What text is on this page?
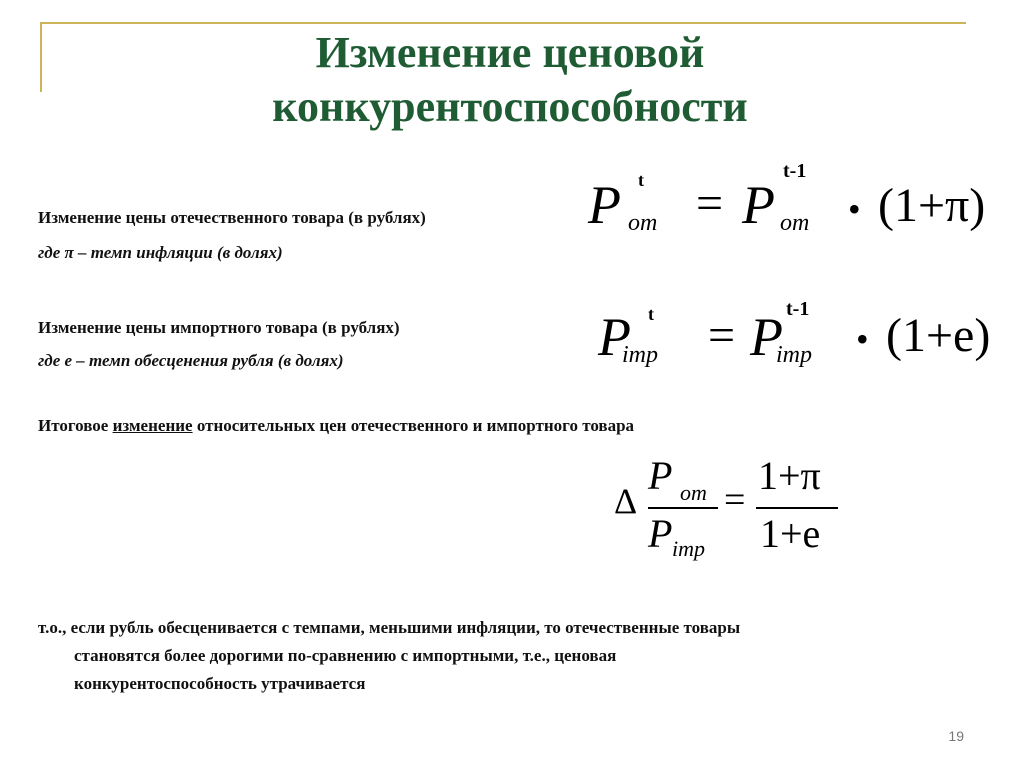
Изменение ценовой
конкурентоспособности
Изменение цены отечественного товара (в рублях)
где π – темп инфляции (в долях)
P t
om = P
t-1
om • (1+π)
Изменение цены импортного товара (в рублях)
где е – темп обесценения рубля (в долях)	P t
imp = P t-1
imp • (1+e)
Итоговое изменение относительных цен отечественного и импортного товара
Δ
P om
P imp
=
1+π
1+e
т.о., если рубль обесценивается с темпами, меньшими инфляции, то отечественные товары
становятся более дорогими по-сравнению с импортными, т.е., ценовая
конкурентоспособность утрачивается
19
